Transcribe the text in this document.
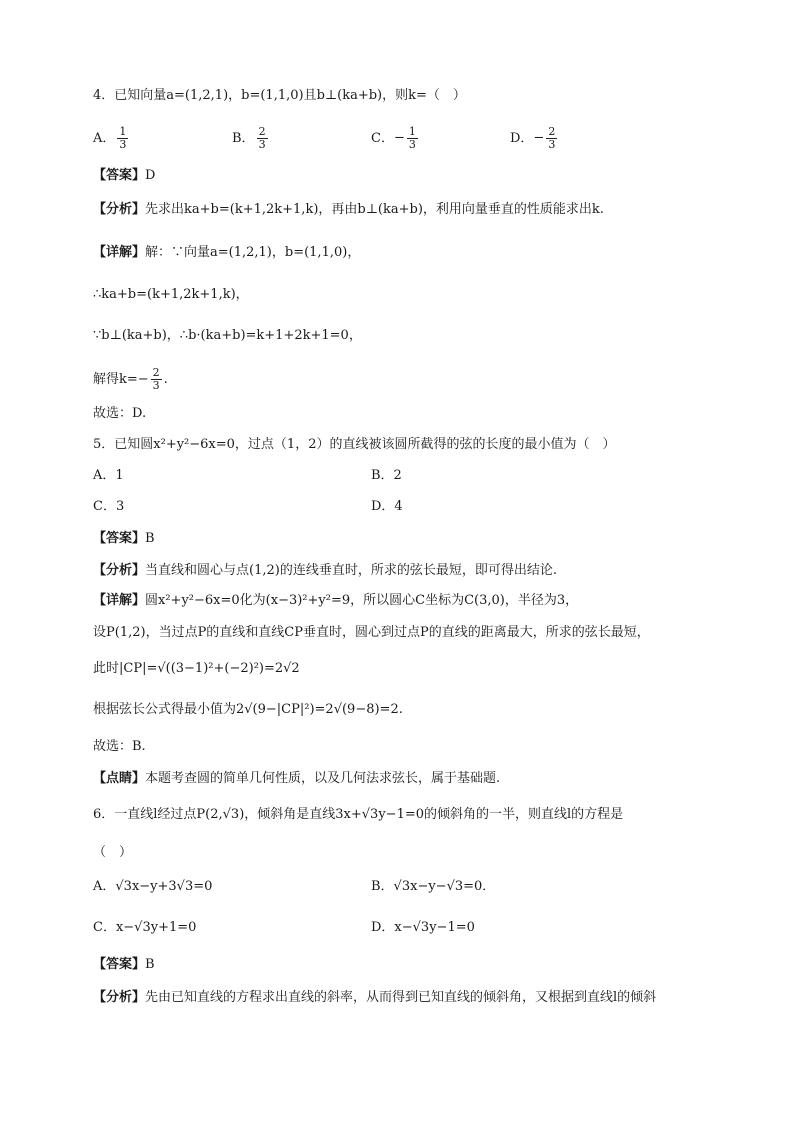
4．已知向量a=(1,2,1)，b=(1,1,0)且b⊥(ka+b)，则k=（　）
A． $\frac{1}{3}$	B． $\frac{2}{3}$	C．− $\frac{1}{3}$	D．− $\frac{2}{3}$
【答案】D
【分析】先求出ka+b=(k+1,2k+1,k)，再由b⊥(ka+b)，利用向量垂直的性质能求出k.
【详解】解：∵向量a=(1,2,1)，b=(1,1,0)，
∴ka+b=(k+1,2k+1,k)，
∵b⊥(ka+b)，∴b·(ka+b)=k+1+2k+1=0，
解得$k=- \frac{2}{3}$ .
故选：D.
5．已知圆x²+y²−6x=0，过点（1，2）的直线被该圆所截得的弦的长度的最小值为（　）
A．1	B．2
C．3	D．4
【答案】B
【分析】当直线和圆心与点(1,2)的连线垂直时，所求的弦长最短，即可得出结论.
【详解】圆x²+y²−6x=0化为(x−3)²+y²=9，所以圆心C坐标为C(3,0)，半径为3，
设P(1,2)，当过点P的直线和直线CP垂直时，圆心到过点P的直线的距离最大，所求的弦长最短，
此时|CP|=√((3−1)²+(−2)²)=2√2
根据弦长公式得最小值为2√(9−|CP|²)=2√(9−8)=2.
故选：B.
【点睛】本题考查圆的简单几何性质，以及几何法求弦长，属于基础题.
6．一直线l经过点P(2,√3)，倾斜角是直线3x+√3y−1=0的倾斜角的一半，则直线l的方程是
（　）
A．√3x−y+3√3=0	B．√3x−y−√3=0．
C．x−√3y+1=0	D．x−√3y−1=0
【答案】B
【分析】先由已知直线的方程求出直线的斜率，从而得到已知直线的倾斜角，又根据到直线l的倾斜
